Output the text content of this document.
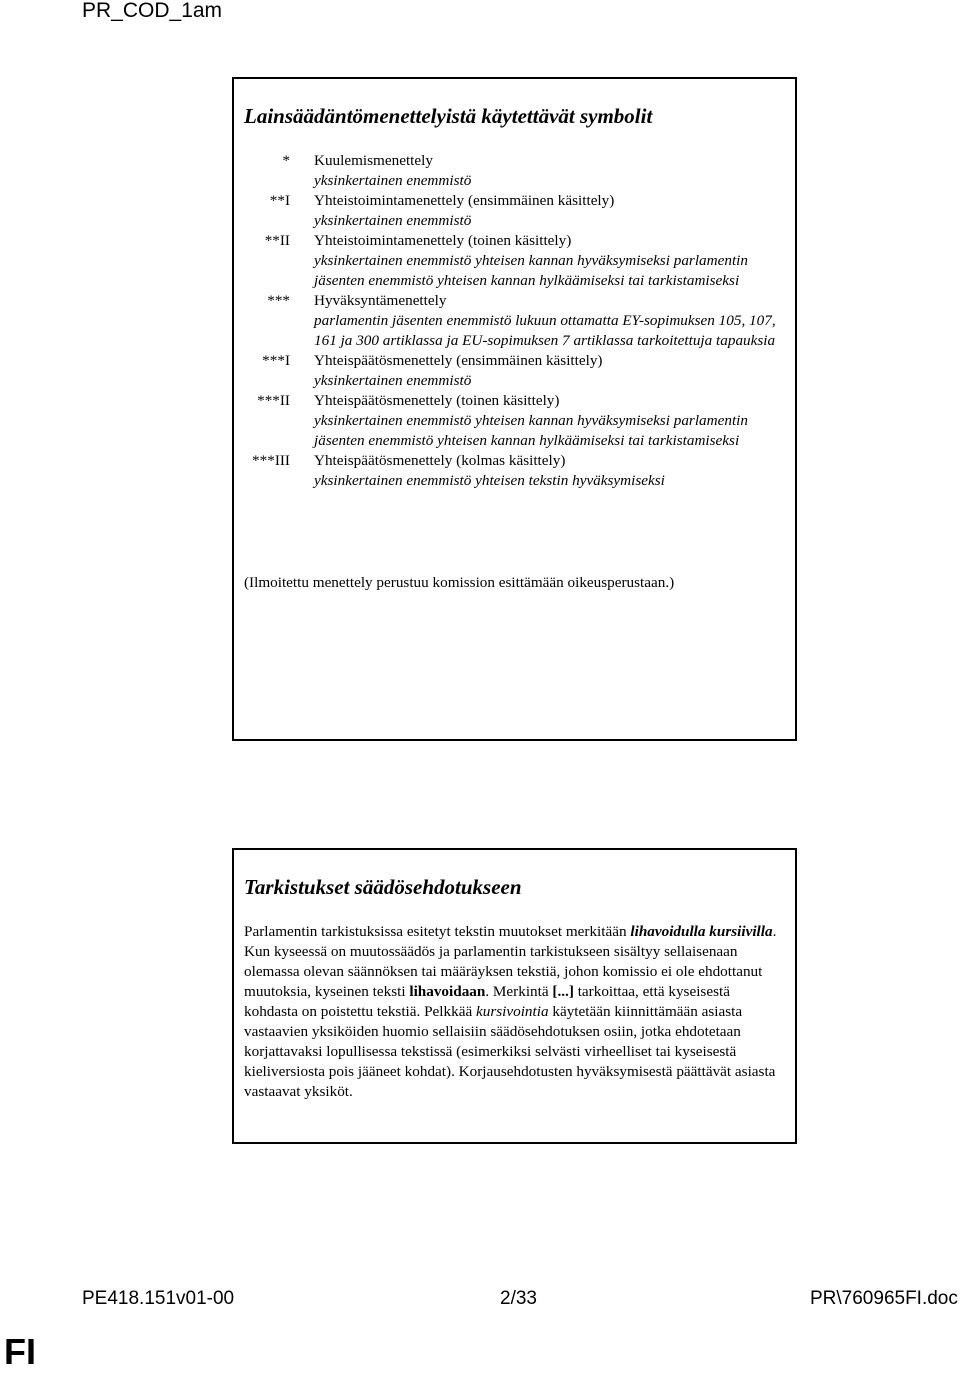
PR_COD_1am
Lainsäädäntömenettelyistä käytettävät symbolit
* Kuulemismenettely
yksinkertainen enemmistö
**I Yhteistoimintamenettely (ensimmäinen käsittely)
yksinkertainen enemmistö
**II Yhteistoimintamenettely (toinen käsittely)
yksinkertainen enemmistö yhteisen kannan hyväksymiseksi parlamentin jäsenten enemmistö yhteisen kannan hylkäämiseksi tai tarkistamiseksi
*** Hyväksyntämenettely
parlamentin jäsenten enemmistö lukuun ottamatta EY-sopimuksen 105, 107, 161 ja 300 artiklassa ja EU-sopimuksen 7 artiklassa tarkoitettuja tapauksia
***I Yhteispäätösmenettely (ensimmäinen käsittely)
yksinkertainen enemmistö
***II Yhteispäätösmenettely (toinen käsittely)
yksinkertainen enemmistö yhteisen kannan hyväksymiseksi parlamentin jäsenten enemmistö yhteisen kannan hylkäämiseksi tai tarkistamiseksi
***III Yhteispäätösmenettely (kolmas käsittely)
yksinkertainen enemmistö yhteisen tekstin hyväksymiseksi
(Ilmoitettu menettely perustuu komission esittämään oikeusperustaan.)
Tarkistukset säädösehdotukseen
Parlamentin tarkistuksissa esitetyt tekstin muutokset merkitään lihavoidulla kursiivilla. Kun kyseessä on muutossäädös ja parlamentin tarkistukseen sisältyy sellaisenaan olemassa olevan säännöksen tai määräyksen tekstiä, johon komissio ei ole ehdottanut muutoksia, kyseinen teksti lihavoidaan. Merkintä [...] tarkoittaa, että kyseisestä kohdasta on poistettu tekstiä. Pelkkää kursivointia käytetään kiinnittämään asiasta vastaavien yksiköiden huomio sellaisiin säädösehdotuksen osiin, jotka ehdotetaan korjattavaksi lopullisessa tekstissä (esimerkiksi selvästi virheelliset tai kyseisestä kieliversiosta pois jääneet kohdat). Korjausehdotusten hyväksymisestä päättävät asiasta vastaavat yksiköt.
PE418.151v01-00	2/33	PR\760965FI.doc
FI
